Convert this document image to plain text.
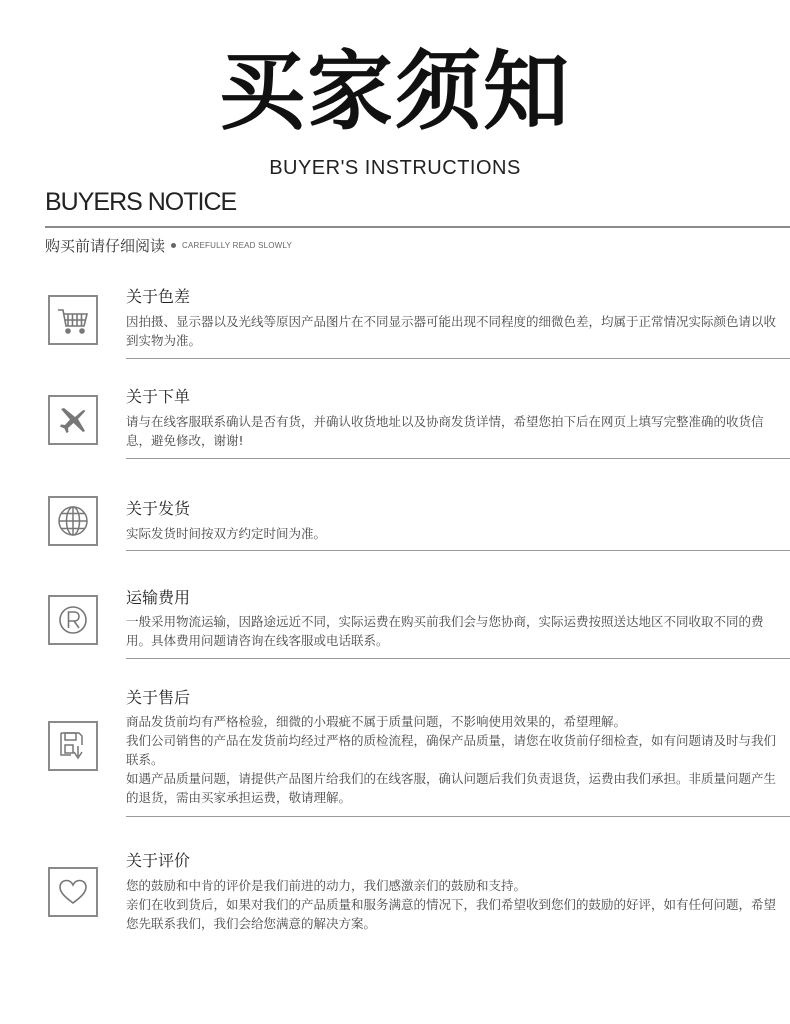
买家须知
BUYER'S INSTRUCTIONS
BUYERS NOTICE
购买前请仔细阅读 CAREFULLY READ SLOWLY
关于色差

因拍摄、显示器以及光线等原因产品图片在不同显示器可能出现不同程度的细微色差，均属于正常情况实际颜色请以收到实物为准。

关于下单

请与在线客服联系确认是否有货，并确认收货地址以及协商发货详情，希望您拍下后在网页上填写完整准确的收货信息，避免修改，谢谢!

关于发货

实际发货时间按双方约定时间为准。

运输费用

一般采用物流运输，因路途远近不同，实际运费在购买前我们会与您协商，实际运费按照送达地区不同收取不同的费用。具体费用问题请咨询在线客服或电话联系。

关于售后

商品发货前均有严格检验，细微的小瑕疵不属于质量问题，不影响使用效果的，希望理解。

我们公司销售的产品在发货前均经过严格的质检流程，确保产品质量，请您在收货前仔细检查，如有问题请及时与我们联系。

如遇产品质量问题，请提供产品图片给我们的在线客服，确认问题后我们负责退货，运费由我们承担。非质量问题产生的退货，需由买家承担运费，敬请理解。

关于评价

您的鼓励和中肯的评价是我们前进的动力，我们感激亲们的鼓励和支持。

亲们在收到货后，如果对我们的产品质量和服务满意的情况下，我们希望收到您们的鼓励的好评，如有任何问题，希望您先联系我们，我们会给您满意的解决方案。
